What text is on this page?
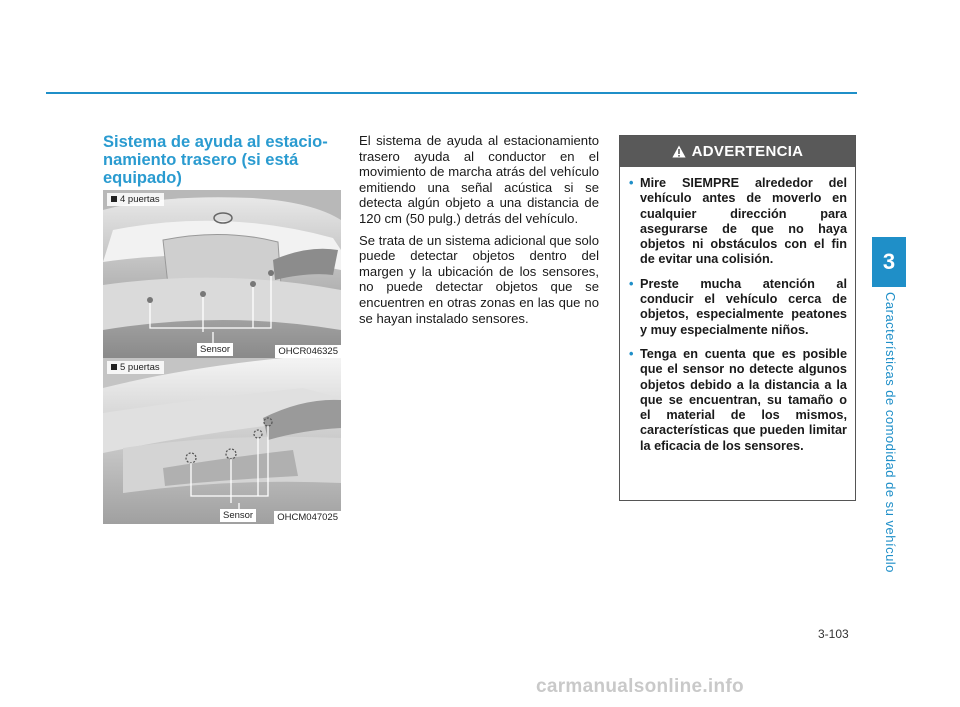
Sistema de ayuda al estacio-namiento trasero (si está equipado)
4 puertas
Sensor	OHCR046325
5 puertas
Sensor	OHCM047025

El sistema de ayuda al estacionamiento trasero ayuda al conductor en el movimiento de marcha atrás del vehículo emitiendo una señal acústica si se detecta algún objeto a una distancia de 120 cm (50 pulg.) detrás del vehículo.

Se trata de un sistema adicional que solo puede detectar objetos dentro del margen y la ubicación de los sensores, no puede detectar objetos que se encuentren en otras zonas en las que no se hayan instalado sensores.

ADVERTENCIA
• Mire SIEMPRE alrededor del vehículo antes de moverlo en cualquier dirección para asegurarse de que no haya objetos ni obstáculos con el fin de evitar una colisión.
• Preste mucha atención al conducir el vehículo cerca de objetos, especialmente peatones y muy especialmente niños.
• Tenga en cuenta que es posible que el sensor no detecte algunos objetos debido a la distancia a la que se encuentran, su tamaño o el material de los mismos, características que pueden limitar la eficacia de los sensores.
3
Características de comodidad de su vehículo
3-103
carmanualsonline.info
